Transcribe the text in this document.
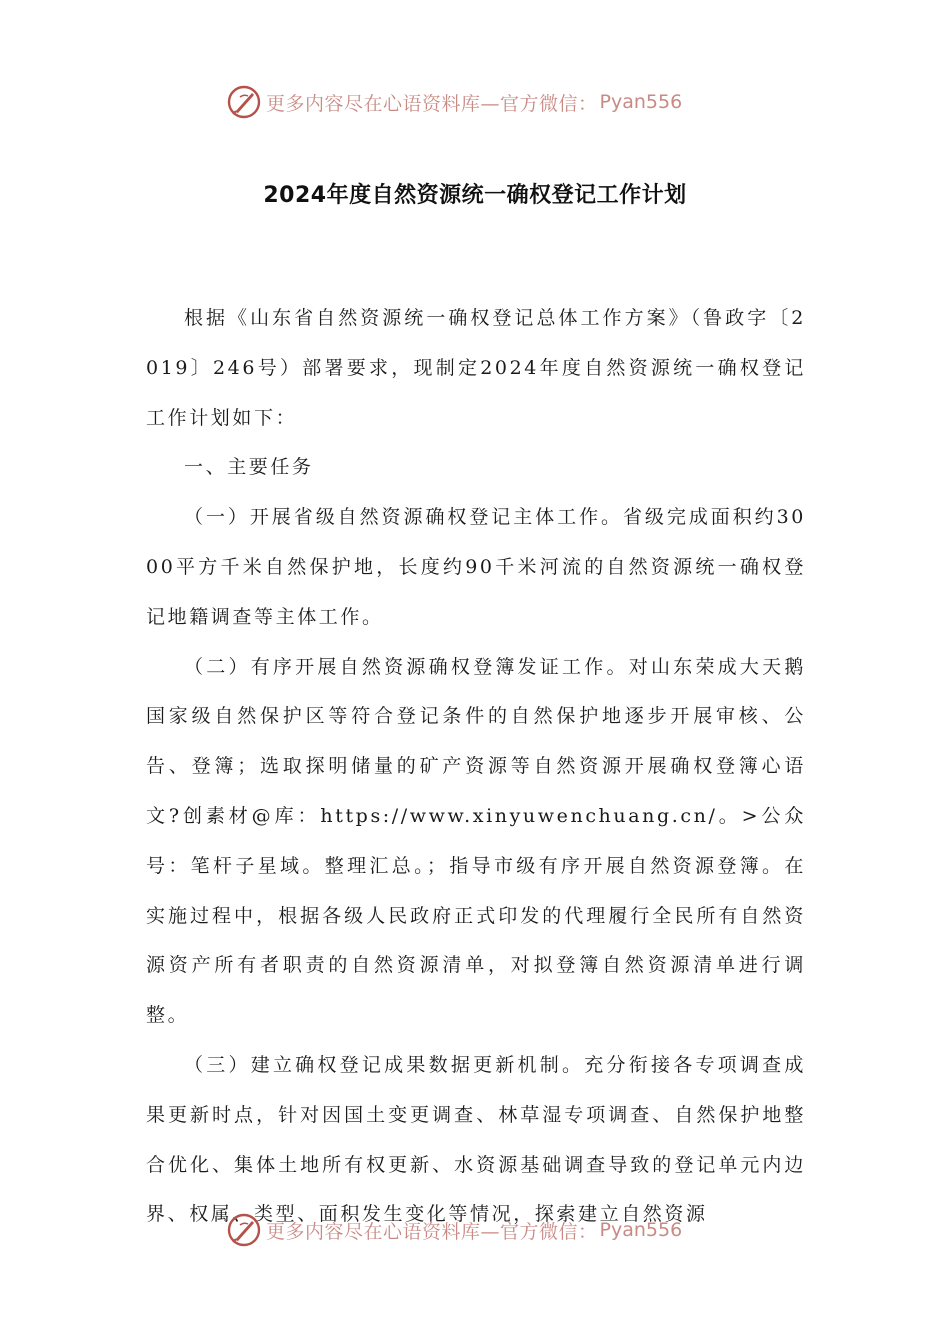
更多内容尽在心语资料库—官方微信： Pyan556
2024年度自然资源统一确权登记工作计划

根据《山东省自然资源统一确权登记总体工作方案》（鲁政字〔2019〕246号）部署要求，现制定2024年度自然资源统一确权登记工作计划如下：

一、主要任务

（一）开展省级自然资源确权登记主体工作。省级完成面积约3000平方千米自然保护地，长度约90千米河流的自然资源统一确权登记地籍调查等主体工作。

（二）有序开展自然资源确权登簿发证工作。对山东荣成大天鹅国家级自然保护区等符合登记条件的自然保护地逐步开展审核、公告、登簿；选取探明储量的矿产资源等自然资源开展确权登簿心语文?创素材@库：https://www.xinyuwenchuang.cn/。>公众号：笔杆子星域。整理汇总。；指导市级有序开展自然资源登簿。在实施过程中，根据各级人民政府正式印发的代理履行全民所有自然资源资产所有者职责的自然资源清单，对拟登簿自然资源清单进行调整。

（三）建立确权登记成果数据更新机制。充分衔接各专项调查成果更新时点，针对因国土变更调查、林草湿专项调查、自然保护地整合优化、集体土地所有权更新、水资源基础调查导致的登记单元内边界、权属、类型、面积发生变化等情况，探索建立自然资源

更多内容尽在心语资料库—官方微信： Pyan556
